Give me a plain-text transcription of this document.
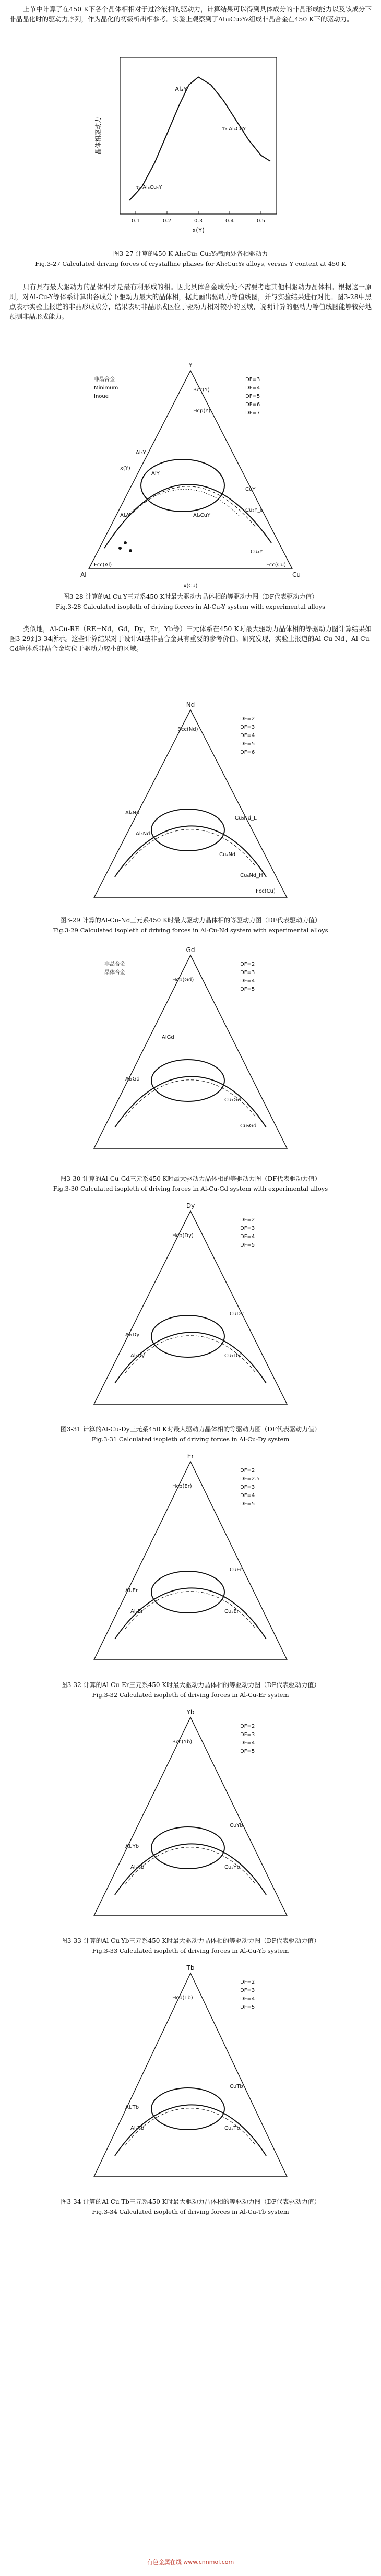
上节中计算了在450 K下各个晶体相相对于过冷液相的驱动力，计算结果可以得到具体成分的非晶形成能力以及该成分下非晶晶化时的驱动力序列，作为晶化的初级析出相参考。实验上观察到了Al₁₀Cu₂Y₆组成非晶合金在450 K下的驱动力。
0.1	0.2	0.3	0.4	0.5
Al₄Y
τ₂ Al₄CuY
τ₁ Al₈Cu₄Y
x(Y)
晶体相驱动力
图3-27 计算的450 K Al₁₀Cu₂-Cu₂Y₆截面处各相驱动力
Fig.3-27 Calculated driving forces of crystalline phases for Al₁₀Cu₂Y₆ alloys, versus Y content at 450 K
只有具有最大驱动力的晶体相才是最有利形成的相。因此具体合金成分处不需要考虑其他相驱动力晶体相。根据这一原则，对Al-Cu-Y等体系计算出各成分下驱动力最大的晶体相，据此画出驱动力等值线图，并与实验结果进行对比。图3-28中黑点表示实验上报道的非晶形成成分，结果表明非晶形成区位于驱动力相对较小的区域，说明计算的驱动力等值线图能够较好地预测非晶形成能力。
Y
Al	Cu
Bcc(Y)
Hcp(Y)
CuY
Cu₂Y_L
Al₃Y
AlY
Al₂Y	Al₂CuY
Cu₄Y
Fcc(Al)	Fcc(Cu)
x(Cu)
x(Y)
DF=3
DF=4
DF=5
DF=6
DF=7
非晶合金
Minimum
Inoue
图3-28 计算的Al-Cu-Y三元系450 K时最大驱动力晶体相的等驱动力图（DF代表驱动力值）
Fig.3-28 Calculated isopleth of driving forces in Al-Cu-Y system with experimental alloys
类似地，Al-Cu-RE（RE=Nd，Gd，Dy，Er，Yb等）三元体系在450 K时最大驱动力晶体相的等驱动力图计算结果如图3-29到3-34所示。这些计算结果对于设计Al基非晶合金具有重要的参考价值。研究发现，实验上报道的Al-Cu-Nd、Al-Cu-Gd等体系非晶合金均位于驱动力较小的区域。
Nd
Bcc(Nd)
Al₄Nd
Al₃Nd
Cu₅Nd_L
Cu₄Nd
Cu₆Nd_H
Fcc(Cu)
DF=2
DF=3
DF=4
DF=5
DF=6
图3-29 计算的Al-Cu-Nd三元系450 K时最大驱动力晶体相的等驱动力图（DF代表驱动力值）
Fig.3-29 Calculated isopleth of driving forces in Al-Cu-Nd system with experimental alloys
Gd
Hcp(Gd)
Al₂Gd
Cu₂Gd
Cu₅Gd
AlGd
DF=2
DF=3
DF=4
DF=5
非晶合金
晶体合金
图3-30 计算的Al-Cu-Gd三元系450 K时最大驱动力晶体相的等驱动力图（DF代表驱动力值）
Fig.3-30 Calculated isopleth of driving forces in Al-Cu-Gd system with experimental alloys
Dy
Hcp(Dy)
CuDy
Cu₂Dy
Al₂Dy
Al₃Dy
DF=2
DF=3
DF=4
DF=5
图3-31 计算的Al-Cu-Dy三元系450 K时最大驱动力晶体相的等驱动力图（DF代表驱动力值）
Fig.3-31 Calculated isopleth of driving forces in Al-Cu-Dy system
Er
Hcp(Er)
CuEr
Cu₂Er
Al₂Er
Al₃Er
DF=2
DF=2.5
DF=3
DF=4
DF=5
图3-32 计算的Al-Cu-Er三元系450 K时最大驱动力晶体相的等驱动力图（DF代表驱动力值）
Fig.3-32 Calculated isopleth of driving forces in Al-Cu-Er system
Yb
Bcc(Yb)
CuYb
Cu₂Yb
Al₂Yb
Al₃Yb
DF=2
DF=3
DF=4
DF=5
图3-33 计算的Al-Cu-Yb三元系450 K时最大驱动力晶体相的等驱动力图（DF代表驱动力值）
Fig.3-33 Calculated isopleth of driving forces in Al-Cu-Yb system
Tb
Hcp(Tb)
CuTb
Cu₂Tb
Al₂Tb
Al₃Tb
DF=2
DF=3
DF=4
DF=5
图3-34 计算的Al-Cu-Tb三元系450 K时最大驱动力晶体相的等驱动力图（DF代表驱动力值）
Fig.3-34 Calculated isopleth of driving forces in Al-Cu-Tb system
有色金属在线 www.cnnmol.com
